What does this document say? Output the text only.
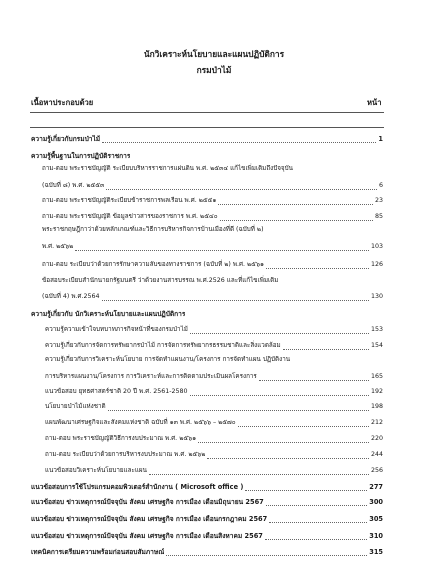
นักวิเคราะห์นโยบายและแผนปฏิบัติการ
กรมป่าไม้
เนื้อหาประกอบด้วย	หน้า
ความรู้เกี่ยวกับกรมป่าไม้	1
ความรู้พื้นฐานในการปฏิบัติราชการ
ถาม-ตอบ พระราชบัญญัติ ระเบียบบริหารราชการแผ่นดิน พ.ศ. ๒๕๓๔ แก้ไขเพิ่มเติมถึงปัจจุบัน
(ฉบับที่ ๘) พ.ศ. ๒๕๕๓	6
ถาม-ตอบ พระราชบัญญัติระเบียบข้าราชการพลเรือน พ.ศ. ๒๕๕๑	23
ถาม-ตอบ พระราชบัญญัติ ข้อมูลข่าวสารของราชการ พ.ศ. ๒๕๔๐	85
พระราชกฤษฎีกาว่าด้วยหลักเกณฑ์และวิธีการบริหารกิจการบ้านเมืองที่ดี (ฉบับที่ ๒)
พ.ศ. ๒๕๖๒	103
ถาม-ตอบ ระเบียบว่าด้วยการรักษาความลับของทางราชการ (ฉบับที่ ๒) พ.ศ. ๒๕๖๑	126
ข้อสอบระเบียบสำนักนายกรัฐมนตรี ว่าด้วยงานสารบรรณ พ.ศ.2526 และที่แก้ไขเพิ่มเติม
(ฉบับที่ 4) พ.ศ.2564	130
ความรู้เกี่ยวกับ นักวิเคราะห์นโยบายและแผนปฏิบัติการ
ความรู้ความเข้าใจบทบาทภารกิจหน้าที่ของกรมป่าไม้	153
ความรู้เกี่ยวกับการจัดการทรัพยากรป่าไม้ การจัดการทรัพยากรธรรมชาติและสิ่งแวดล้อม	154
ความรู้เกี่ยวกับการวิเคราะห์นโยบาย การจัดทำแผนงาน/โครงการ การจัดทำแผน ปฏิบัติงาน
การบริหารแผนงาน/โครงการ การวิเคราะห์และการติดตามประเมินผลโครงการ	165
แนวข้อสอบ ยุทธศาสตร์ชาติ 20 ปี พ.ศ. 2561-2580	192
นโยบายป่าไม้แห่งชาติ	198
แผนพัฒนาเศรษฐกิจและสังคมแห่งชาติ ฉบับที่ ๑๓ พ.ศ. ๒๕๖๖ – ๒๕๗๐	212
ถาม-ตอบ พระราชบัญญัติวิธีการงบประมาณ พ.ศ. ๒๕๖๑	220
ถาม-ตอบ ระเบียบว่าด้วยการบริหารงบประมาณ พ.ศ. ๒๕๖๒	244
แนวข้อสอบวิเคราะห์นโยบายและแผน	256
แนวข้อสอบการใช้โปรแกรมคอมพิวเตอร์สำนักงาน ( Microsoft office )	277
แนวข้อสอบ ข่าวเหตุการณ์ปัจจุบัน สังคม เศรษฐกิจ การเมือง เดือนมิถุนายน 2567	300
แนวข้อสอบ ข่าวเหตุการณ์ปัจจุบัน สังคม เศรษฐกิจ การเมือง เดือนกรกฎาคม 2567	305
แนวข้อสอบ ข่าวเหตุการณ์ปัจจุบัน สังคม เศรษฐกิจ การเมือง เดือนสิงหาคม 2567	310
เทคนิคการเตรียมความพร้อมก่อนสอบสัมภาษณ์	315
